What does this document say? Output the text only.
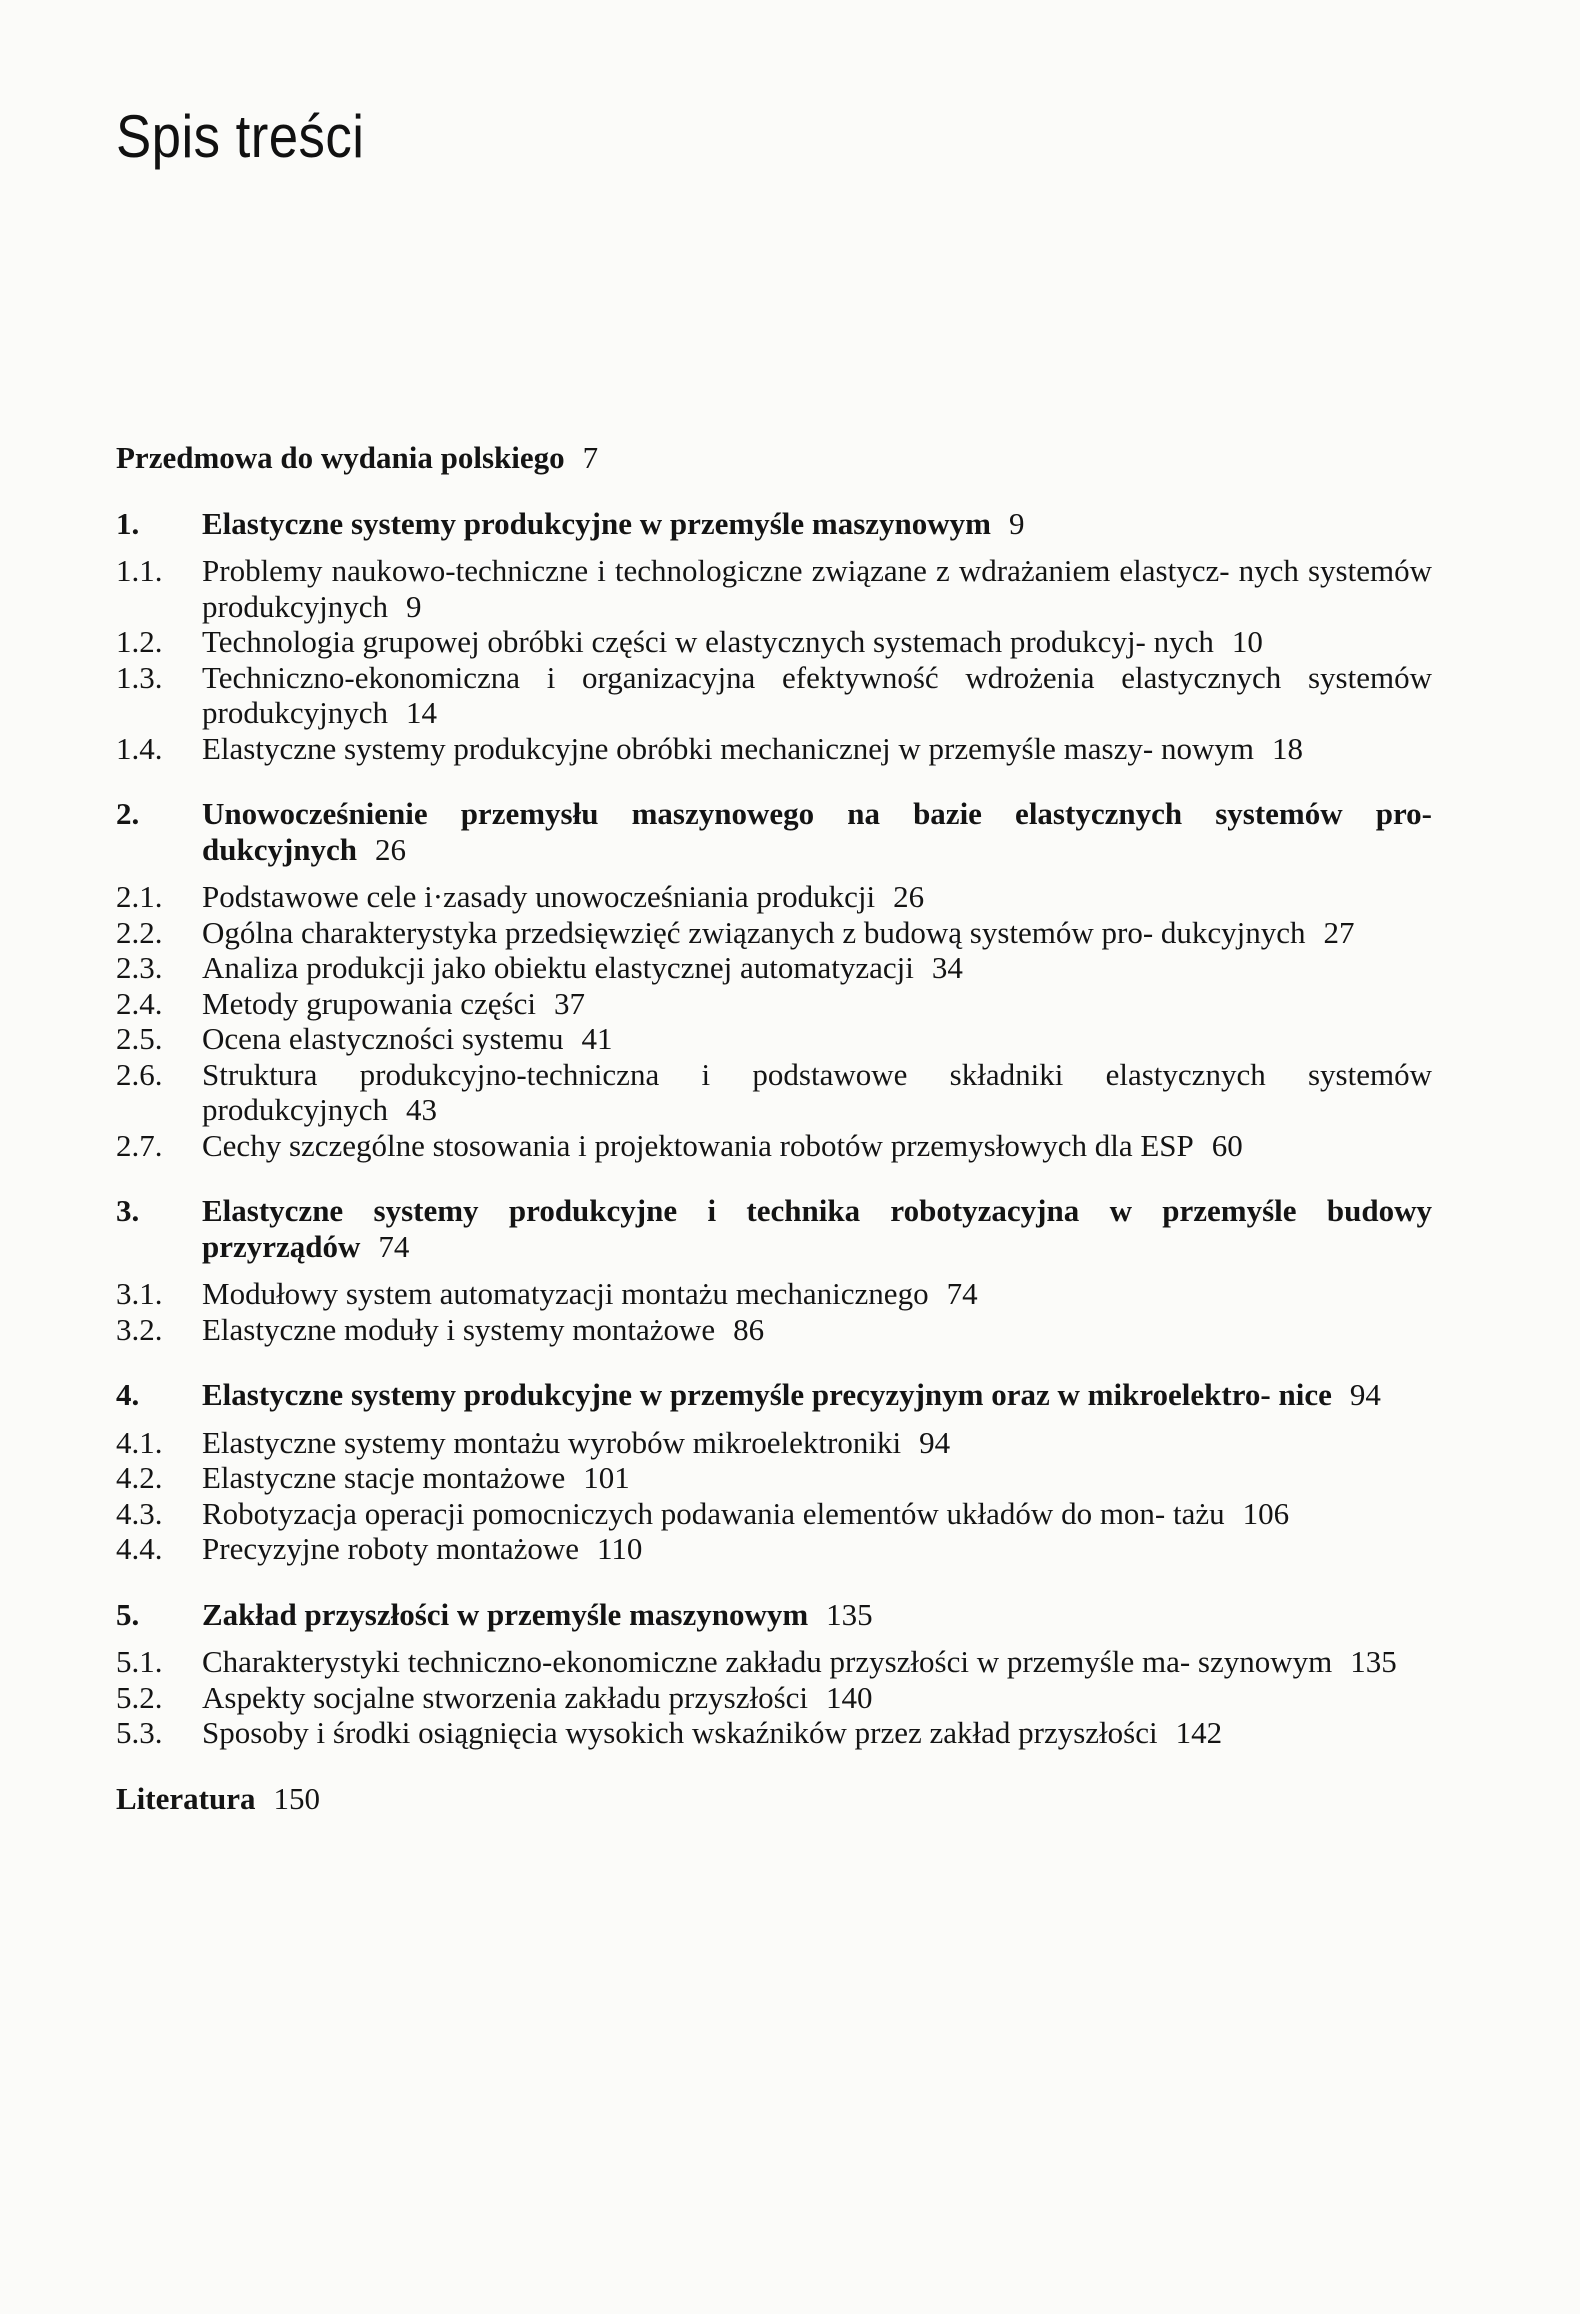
Spis treści
Przedmowa do wydania polskiego 7
1.	Elastyczne systemy produkcyjne w przemyśle maszynowym 9
1.1.	Problemy naukowo-techniczne i technologiczne związane z wdrażaniem elastycz- nych systemów produkcyjnych 9
1.2.	Technologia grupowej obróbki części w elastycznych systemach produkcyj- nych 10
1.3.	Techniczno-ekonomiczna i organizacyjna efektywność wdrożenia elastycznych systemów produkcyjnych 14
1.4.	Elastyczne systemy produkcyjne obróbki mechanicznej w przemyśle maszy- nowym 18
2.	Unowocześnienie przemysłu maszynowego na bazie elastycznych systemów pro- dukcyjnych 26
2.1.	Podstawowe cele i·zasady unowocześniania produkcji 26
2.2.	Ogólna charakterystyka przedsięwzięć związanych z budową systemów pro- dukcyjnych 27
2.3.	Analiza produkcji jako obiektu elastycznej automatyzacji 34
2.4.	Metody grupowania części 37
2.5.	Ocena elastyczności systemu 41
2.6.	Struktura produkcyjno-techniczna i podstawowe składniki elastycznych systemów produkcyjnych 43
2.7.	Cechy szczególne stosowania i projektowania robotów przemysłowych dla ESP 60
3.	Elastyczne systemy produkcyjne i technika robotyzacyjna w przemyśle budowy przyrządów 74
3.1.	Modułowy system automatyzacji montażu mechanicznego 74
3.2.	Elastyczne moduły i systemy montażowe 86
4.	Elastyczne systemy produkcyjne w przemyśle precyzyjnym oraz w mikroelektro- nice 94
4.1.	Elastyczne systemy montażu wyrobów mikroelektroniki 94
4.2.	Elastyczne stacje montażowe 101
4.3.	Robotyzacja operacji pomocniczych podawania elementów układów do mon- tażu 106
4.4.	Precyzyjne roboty montażowe 110
5.	Zakład przyszłości w przemyśle maszynowym 135
5.1.	Charakterystyki techniczno-ekonomiczne zakładu przyszłości w przemyśle ma- szynowym 135
5.2.	Aspekty socjalne stworzenia zakładu przyszłości 140
5.3.	Sposoby i środki osiągnięcia wysokich wskaźników przez zakład przyszłości 142
Literatura 150
